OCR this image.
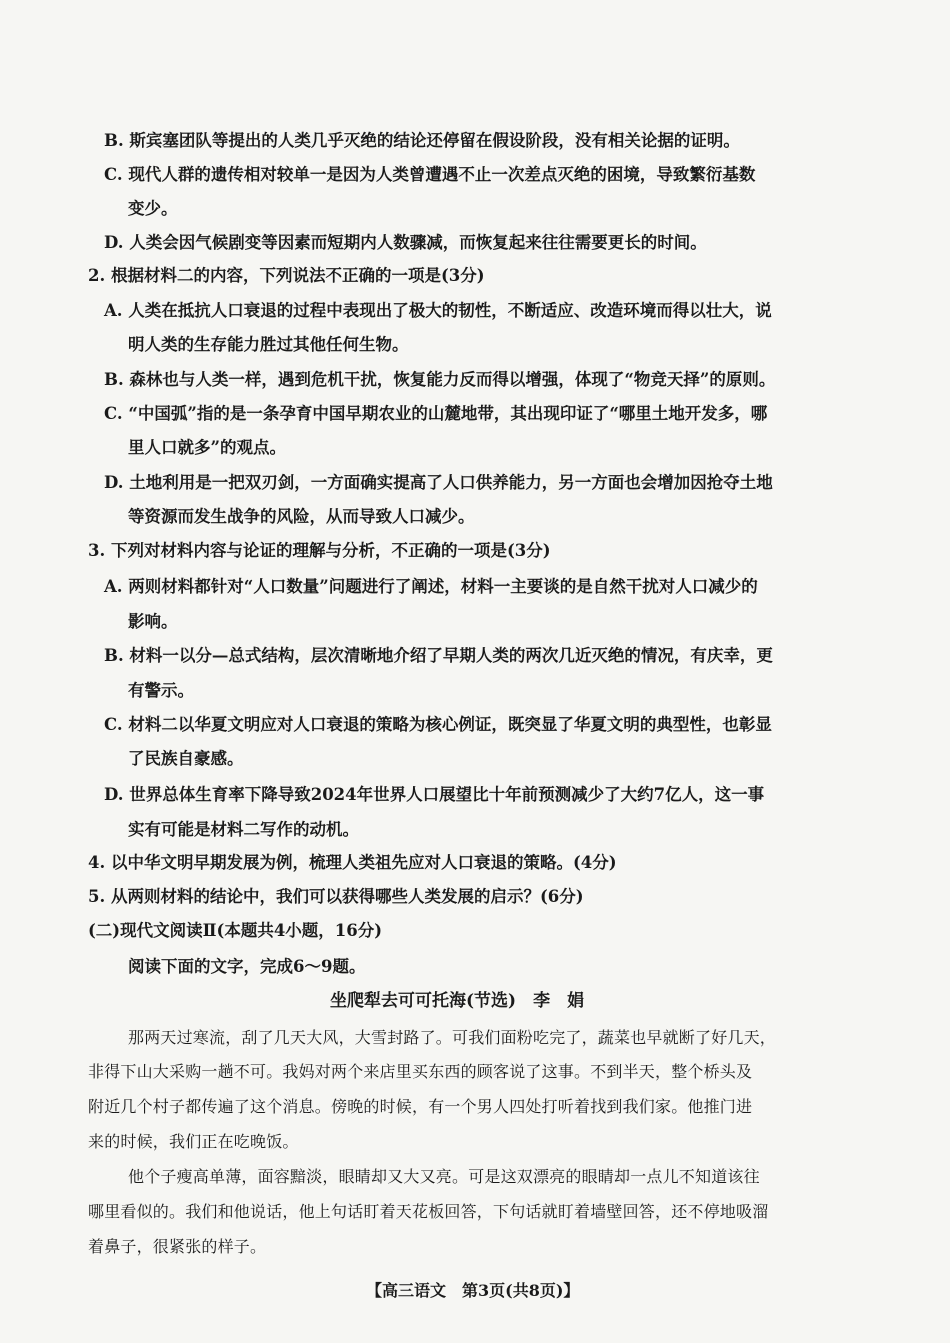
B. 斯宾塞团队等提出的人类几乎灭绝的结论还停留在假设阶段，没有相关论据的证明。
C. 现代人群的遗传相对较单一是因为人类曾遭遇不止一次差点灭绝的困境，导致繁衍基数
变少。
D. 人类会因气候剧变等因素而短期内人数骤减，而恢复起来往往需要更长的时间。
2. 根据材料二的内容，下列说法不正确的一项是(3分)
A. 人类在抵抗人口衰退的过程中表现出了极大的韧性，不断适应、改造环境而得以壮大，说
明人类的生存能力胜过其他任何生物。
B. 森林也与人类一样，遇到危机干扰，恢复能力反而得以增强，体现了“物竞天择”的原则。
C. “中国弧”指的是一条孕育中国早期农业的山麓地带，其出现印证了“哪里土地开发多，哪
里人口就多”的观点。
D. 土地利用是一把双刃剑，一方面确实提高了人口供养能力，另一方面也会增加因抢夺土地
等资源而发生战争的风险，从而导致人口减少。
3. 下列对材料内容与论证的理解与分析，不正确的一项是(3分)
A. 两则材料都针对“人口数量”问题进行了阐述，材料一主要谈的是自然干扰对人口减少的
影响。
B. 材料一以分—总式结构，层次清晰地介绍了早期人类的两次几近灭绝的情况，有庆幸，更
有警示。
C. 材料二以华夏文明应对人口衰退的策略为核心例证，既突显了华夏文明的典型性，也彰显
了民族自豪感。
D. 世界总体生育率下降导致2024年世界人口展望比十年前预测减少了大约7亿人，这一事
实有可能是材料二写作的动机。
4. 以中华文明早期发展为例，梳理人类祖先应对人口衰退的策略。(4分)
5. 从两则材料的结论中，我们可以获得哪些人类发展的启示？(6分)
(二)现代文阅读Ⅱ(本题共4小题，16分)
阅读下面的文字，完成6～9题。
坐爬犁去可可托海(节选)　李　娟
那两天过寒流，刮了几天大风，大雪封路了。可我们面粉吃完了，蔬菜也早就断了好几天，
非得下山大采购一趟不可。我妈对两个来店里买东西的顾客说了这事。不到半天，整个桥头及
附近几个村子都传遍了这个消息。傍晚的时候，有一个男人四处打听着找到我们家。他推门进
来的时候，我们正在吃晚饭。
他个子瘦高单薄，面容黯淡，眼睛却又大又亮。可是这双漂亮的眼睛却一点儿不知道该往
哪里看似的。我们和他说话，他上句话盯着天花板回答，下句话就盯着墙壁回答，还不停地吸溜
着鼻子，很紧张的样子。
【高三语文　第3页(共8页)】
